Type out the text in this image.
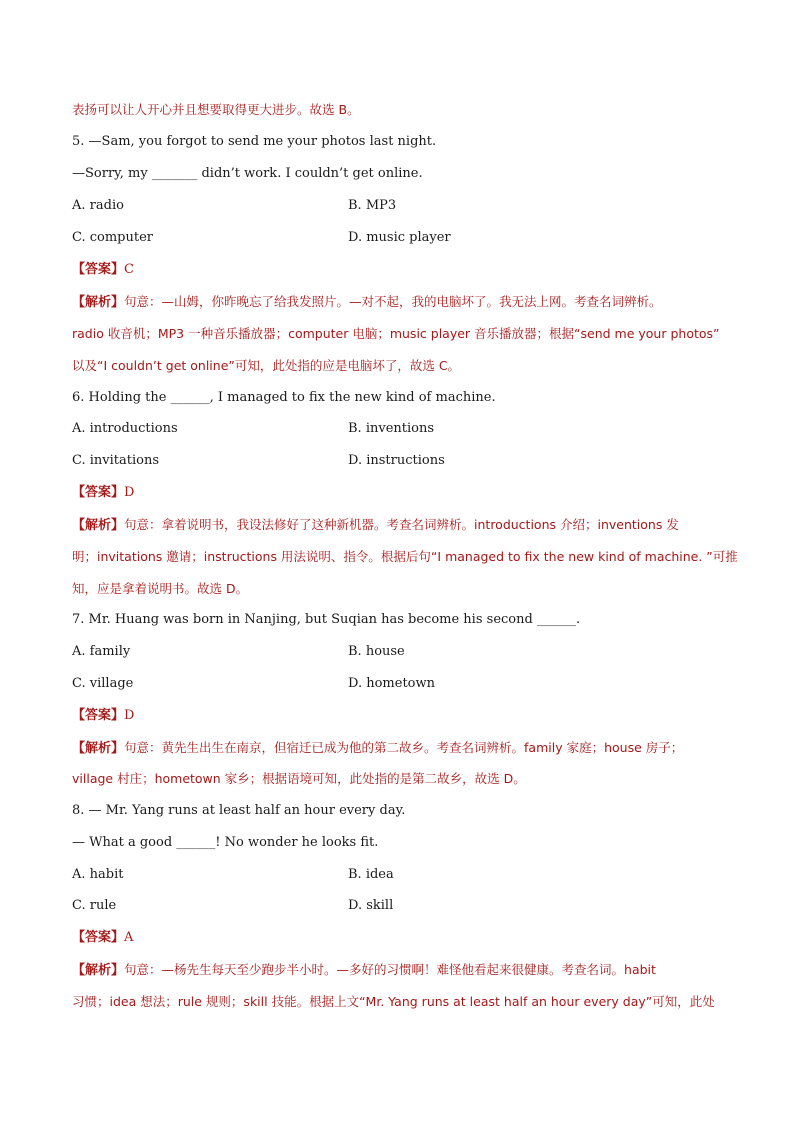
表扬可以让人开心并且想要取得更大进步。故选 B。
5. —Sam, you forgot to send me your photos last night.
—Sorry, my _______ didn’t work. I couldn’t get online.
A. radio	B. MP3
C. computer	D. music player
【答案】C
【解析】句意：—山姆，你昨晚忘了给我发照片。—对不起，我的电脑坏了。我无法上网。考查名词辨析。
radio 收音机；MP3 一种音乐播放器；computer 电脑；music player 音乐播放器；根据“send me your photos”
以及“I couldn’t get online”可知，此处指的应是电脑坏了，故选 C。
6. Holding the ______, I managed to fix the new kind of machine.
A. introductions	B. inventions
C. invitations	D. instructions
【答案】D
【解析】句意：拿着说明书，我设法修好了这种新机器。考查名词辨析。introductions 介绍；inventions 发
明；invitations 邀请；instructions 用法说明、指令。根据后句“I managed to fix the new kind of machine. ”可推
知，应是拿着说明书。故选 D。
7. Mr. Huang was born in Nanjing, but Suqian has become his second ______.
A. family	B. house
C. village	D. hometown
【答案】D
【解析】句意：黄先生出生在南京，但宿迁已成为他的第二故乡。考查名词辨析。family 家庭；house 房子；
village 村庄；hometown 家乡；根据语境可知，此处指的是第二故乡，故选 D。
8. — Mr. Yang runs at least half an hour every day.
— What a good ______! No wonder he looks fit.
A. habit	B. idea
C. rule	D. skill
【答案】A
【解析】句意：—杨先生每天至少跑步半小时。—多好的习惯啊！难怪他看起来很健康。考查名词。habit
习惯；idea 想法；rule 规则；skill 技能。根据上文“Mr. Yang runs at least half an hour every day”可知，此处
